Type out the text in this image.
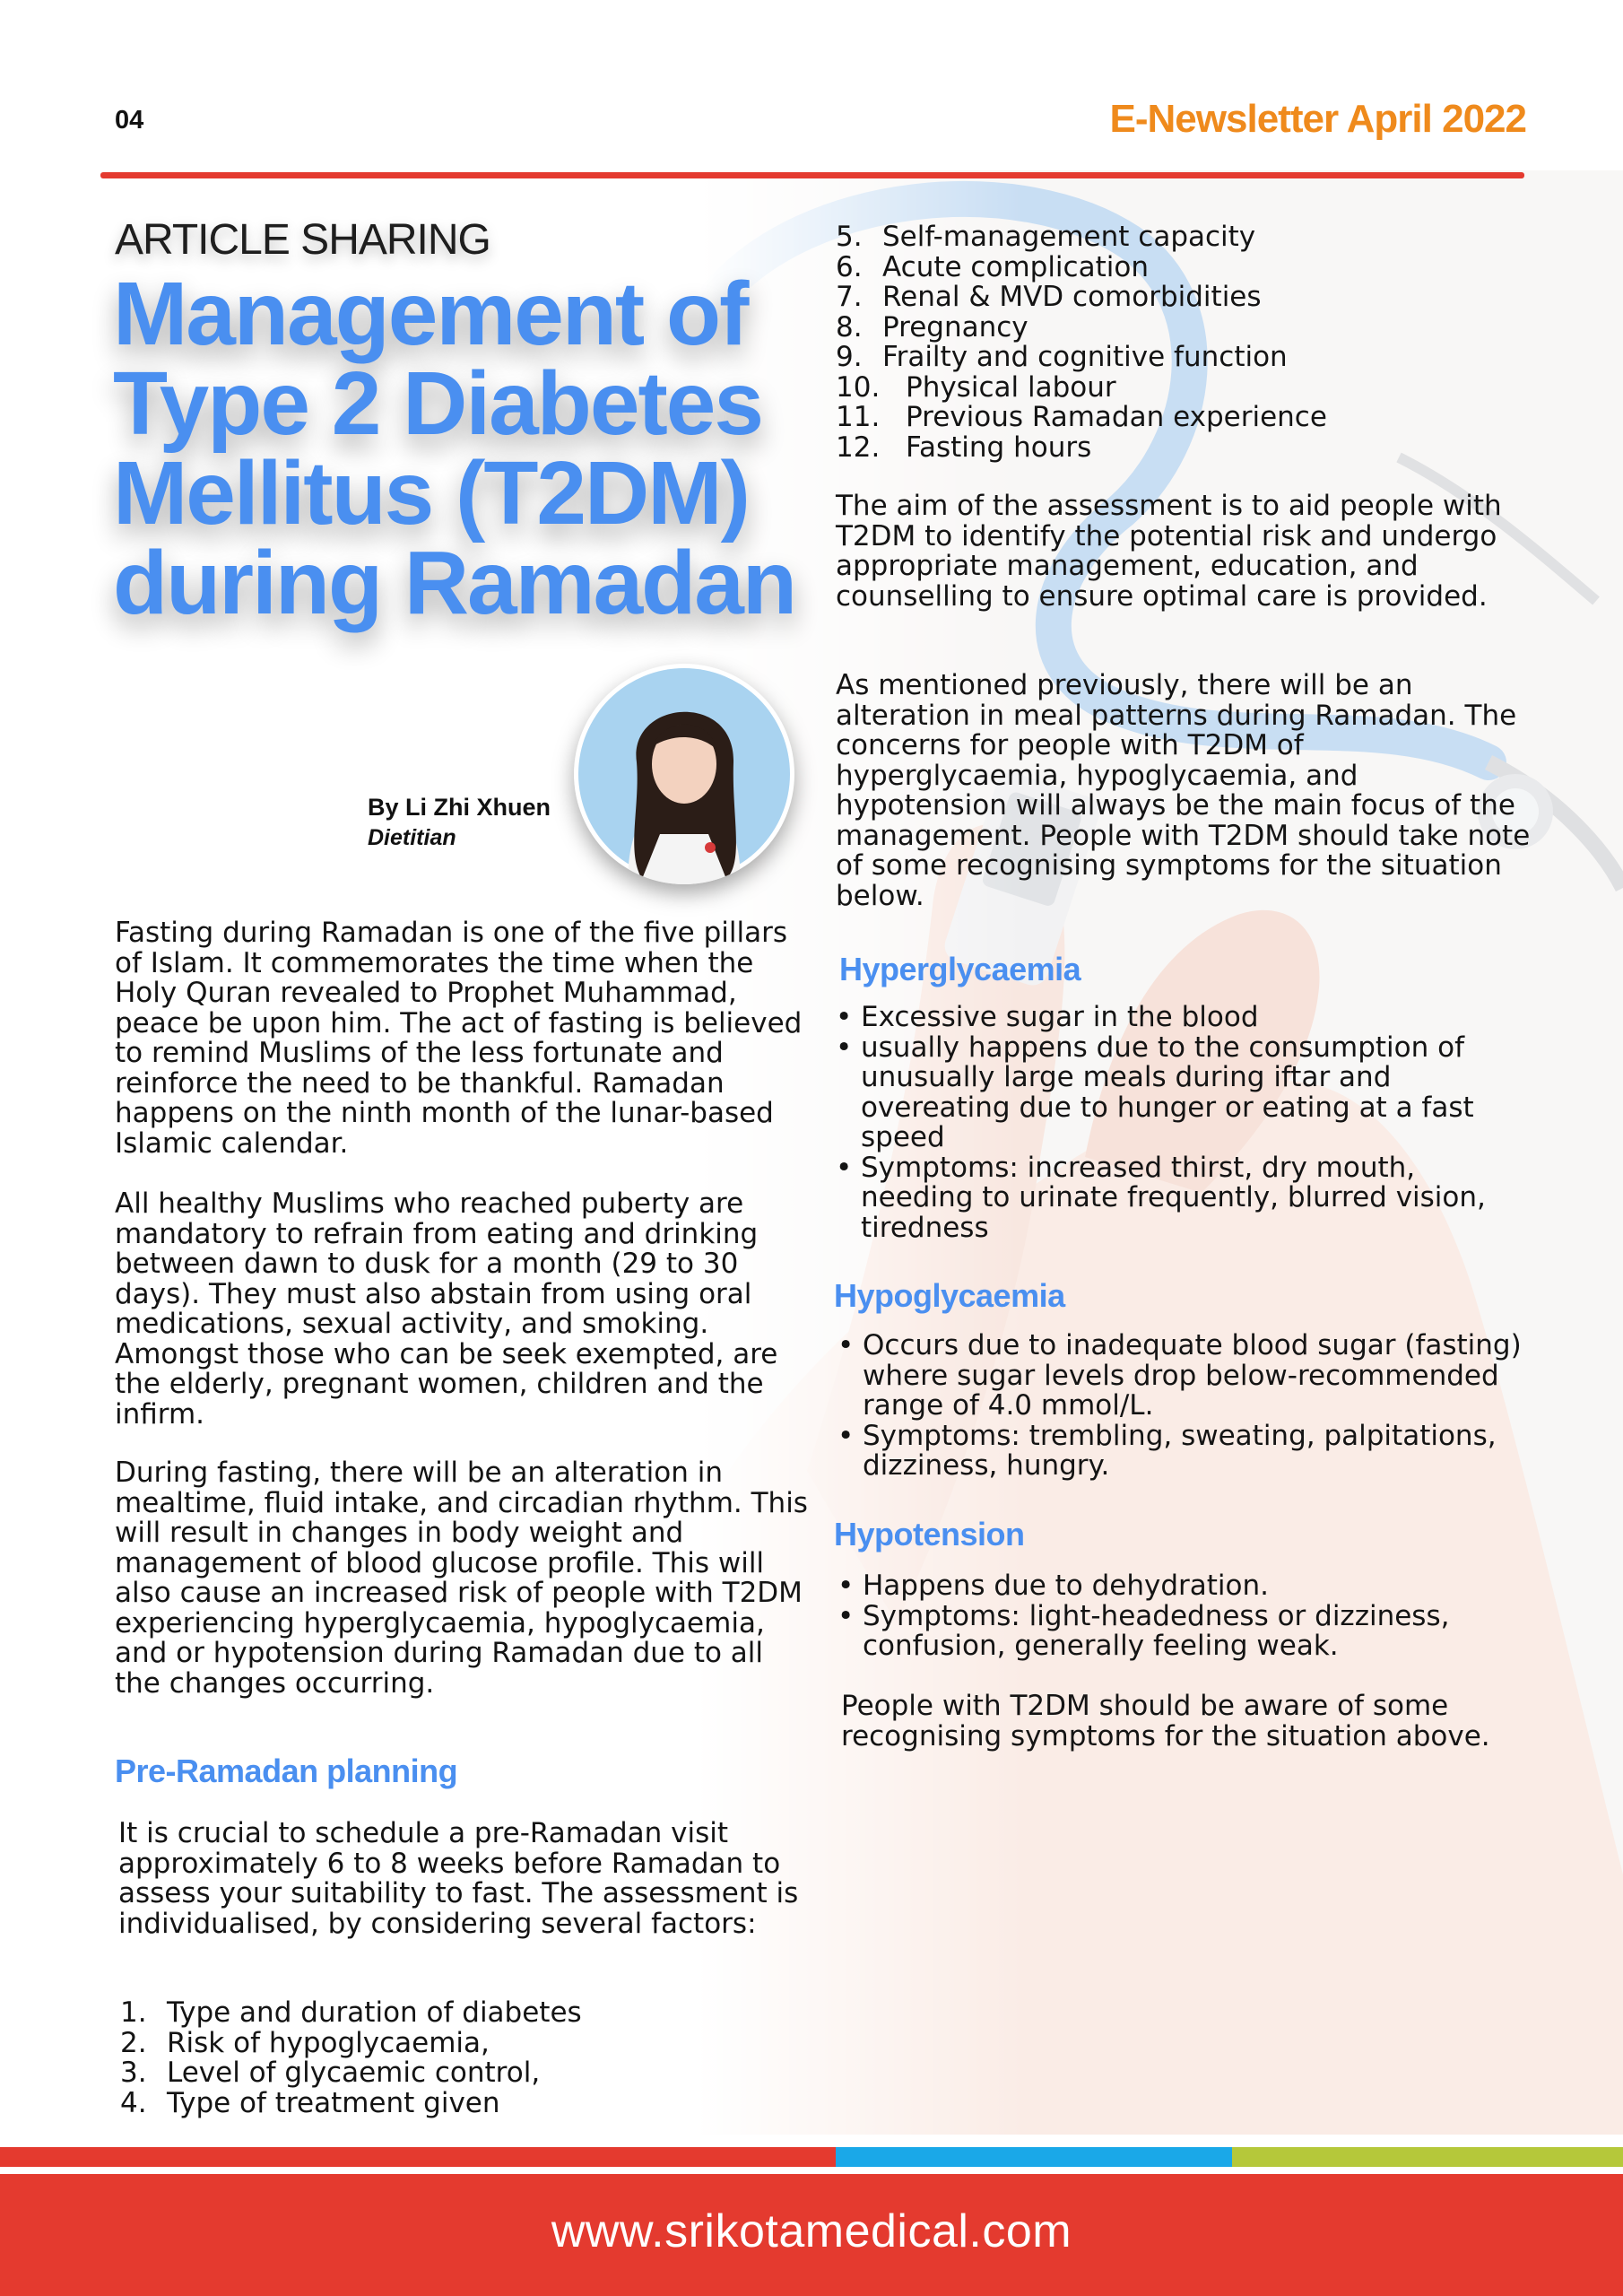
04	E-Newsletter April 2022
ARTICLE SHARING
Management of
Type 2 Diabetes
Mellitus (T2DM)
during Ramadan
By Li Zhi Xhuen
Dietitian

Fasting during Ramadan is one of the five pillars of Islam. It commemorates the time when the Holy Quran revealed to Prophet Muhammad, peace be upon him. The act of fasting is believed to remind Muslims of the less fortunate and reinforce the need to be thankful. Ramadan happens on the ninth month of the lunar-based Islamic calendar.

All healthy Muslims who reached puberty are mandatory to refrain from eating and drinking between dawn to dusk for a month (29 to 30 days). They must also abstain from using oral medications, sexual activity, and smoking. Amongst those who can be seek exempted, are the elderly, pregnant women, children and the infirm.

During fasting, there will be an alteration in mealtime, fluid intake, and circadian rhythm. This will result in changes in body weight and management of blood glucose profile. This will also cause an increased risk of people with T2DM experiencing hyperglycaemia, hypoglycaemia, and or hypotension during Ramadan due to all the changes occurring.

Pre-Ramadan planning

It is crucial to schedule a pre-Ramadan visit approximately 6 to 8 weeks before Ramadan to assess your suitability to fast. The assessment is individualised, by considering several factors:

1. Type and duration of diabetes
2. Risk of hypoglycaemia,
3. Level of glycaemic control,
4. Type of treatment given
5. Self-management capacity
6. Acute complication
7. Renal & MVD comorbidities
8. Pregnancy
9. Frailty and cognitive function
10. Physical labour
11. Previous Ramadan experience
12. Fasting hours

The aim of the assessment is to aid people with T2DM to identify the potential risk and undergo appropriate management, education, and counselling to ensure optimal care is provided.

As mentioned previously, there will be an alteration in meal patterns during Ramadan. The concerns for people with T2DM of hyperglycaemia, hypoglycaemia, and hypotension will always be the main focus of the management. People with T2DM should take note of some recognising symptoms for the situation below.

Hyperglycaemia
• Excessive sugar in the blood
• usually happens due to the consumption of unusually large meals during iftar and overeating due to hunger or eating at a fast speed
• Symptoms: increased thirst, dry mouth, needing to urinate frequently, blurred vision, tiredness
Hypoglycaemia
• Occurs due to inadequate blood sugar (fasting) where sugar levels drop below-recommended range of 4.0 mmol/L.
• Symptoms: trembling, sweating, palpitations, dizziness, hungry.
Hypotension
• Happens due to dehydration.
• Symptoms: light-headedness or dizziness, confusion, generally feeling weak.

People with T2DM should be aware of some recognising symptoms for the situation above.

www.srikotamedical.com
